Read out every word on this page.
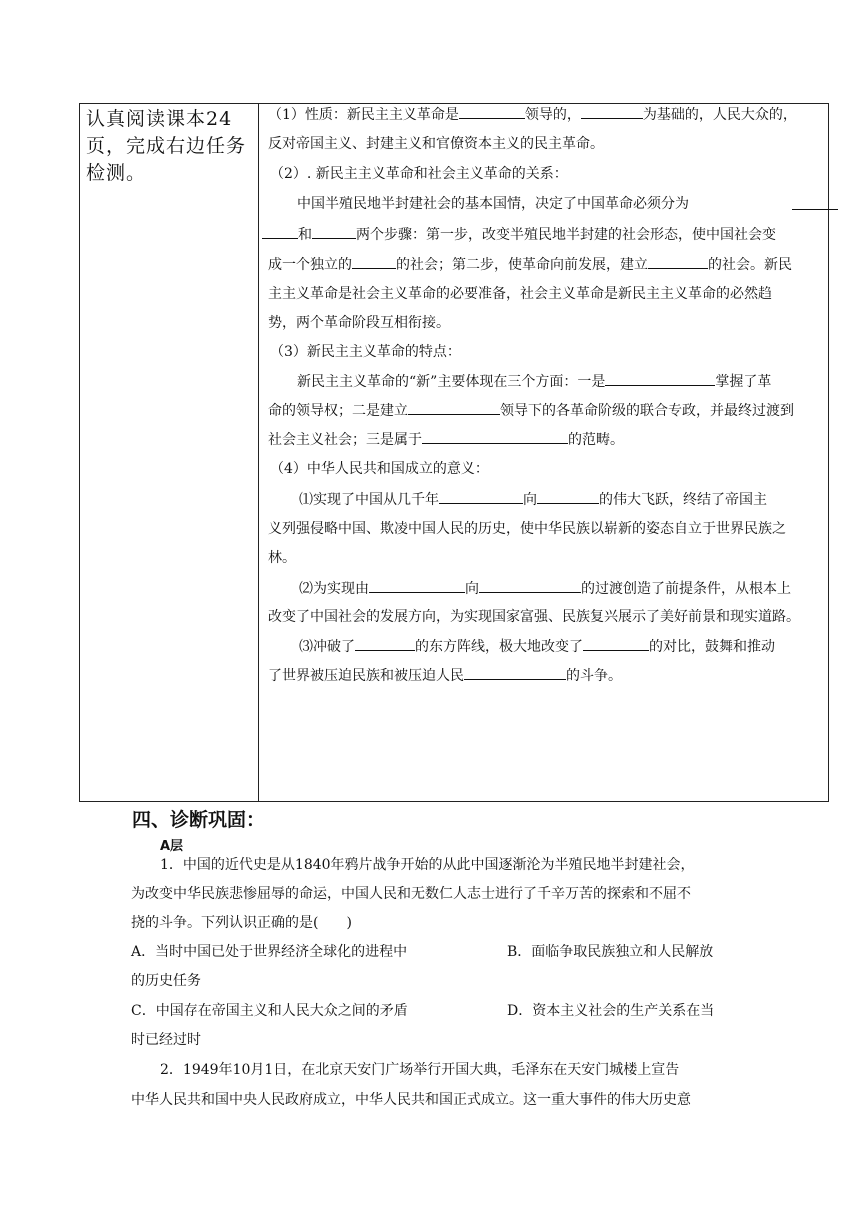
认真阅读课本24页，完成右边任务检测。
（1）性质：新民主主义革命是	领导的，	为基础的，人民大众的，
反对帝国主义、封建主义和官僚资本主义的民主革命。
（2）. 新民主主义革命和社会主义革命的关系：
中国半殖民地半封建社会的基本国情，决定了中国革命必须分为
和	两个步骤：第一步，改变半殖民地半封建的社会形态，使中国社会变
成一个独立的	的社会；第二步，使革命向前发展，建立	的社会。新民
主主义革命是社会主义革命的必要准备，社会主义革命是新民主主义革命的必然趋
势，两个革命阶段互相衔接。
（3）新民主主义革命的特点：
新民主主义革命的“新”主要体现在三个方面：一是	掌握了革
命的领导权；二是建立	领导下的各革命阶级的联合专政，并最终过渡到
社会主义社会；三是属于	的范畴。
（4）中华人民共和国成立的意义：
⑴实现了中国从几千年	向	的伟大飞跃，终结了帝国主
义列强侵略中国、欺凌中国人民的历史，使中华民族以崭新的姿态自立于世界民族之
林。
⑵为实现由	向	的过渡创造了前提条件，从根本上
改变了中国社会的发展方向，为实现国家富强、民族复兴展示了美好前景和现实道路。
⑶冲破了	的东方阵线，极大地改变了	的对比，鼓舞和推动
了世界被压迫民族和被压迫人民	的斗争。
四、诊断巩固：
A层
1．中国的近代史是从1840年鸦片战争开始的从此中国逐渐沦为半殖民地半封建社会，
为改变中华民族悲惨屈辱的命运，中国人民和无数仁人志士进行了千辛万苦的探索和不屈不
挠的斗争。下列认识正确的是(　　)
A．当时中国已处于世界经济全球化的进程中	B．面临争取民族独立和人民解放
的历史任务
C．中国存在帝国主义和人民大众之间的矛盾	D．资本主义社会的生产关系在当
时已经过时
2．1949年10月1日，在北京天安门广场举行开国大典，毛泽东在天安门城楼上宣告
中华人民共和国中央人民政府成立，中华人民共和国正式成立。这一重大事件的伟大历史意
